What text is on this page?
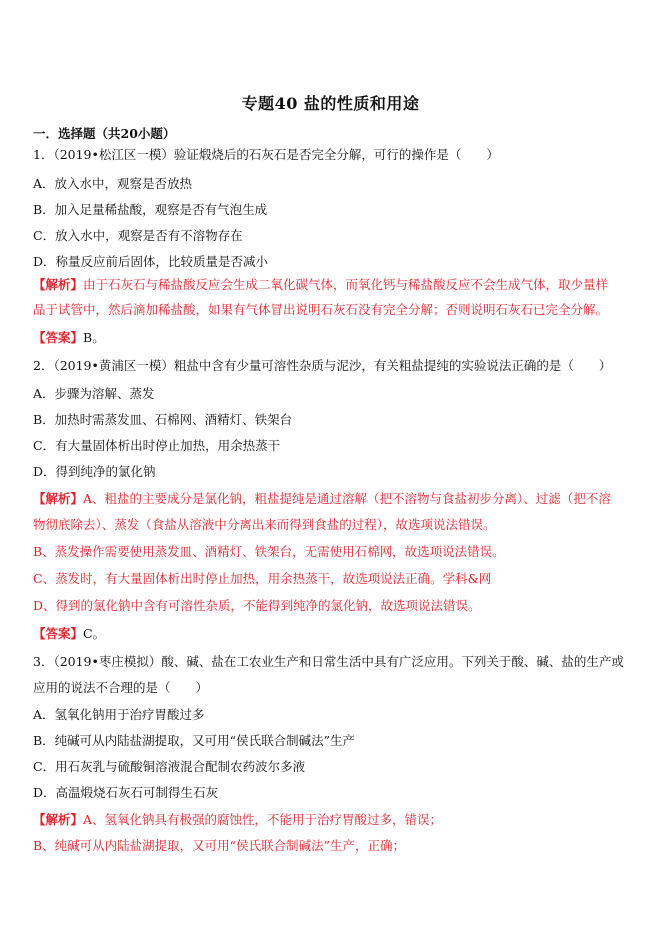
专题40 盐的性质和用途
一．选择题（共20小题）
1．（2019•松江区一模）验证煅烧后的石灰石是否完全分解，可行的操作是（　　）
A．放入水中，观察是否放热
B．加入足量稀盐酸，观察是否有气泡生成
C．放入水中，观察是否有不溶物存在
D．称量反应前后固体，比较质量是否减小
【解析】由于石灰石与稀盐酸反应会生成二氧化碳气体，而氧化钙与稀盐酸反应不会生成气体，取少量样
品于试管中，然后滴加稀盐酸，如果有气体冒出说明石灰石没有完全分解；否则说明石灰石已完全分解。
【答案】B。
2．（2019•黄浦区一模）粗盐中含有少量可溶性杂质与泥沙，有关粗盐提纯的实验说法正确的是（　　）
A．步骤为溶解、蒸发
B．加热时需蒸发皿、石棉网、酒精灯、铁架台
C．有大量固体析出时停止加热，用余热蒸干
D．得到纯净的氯化钠
【解析】A、粗盐的主要成分是氯化钠，粗盐提纯是通过溶解（把不溶物与食盐初步分离）、过滤（把不溶
物彻底除去）、蒸发（食盐从溶液中分离出来而得到食盐的过程），故选项说法错误。
B、蒸发操作需要使用蒸发皿、酒精灯、铁架台，无需使用石棉网，故选项说法错误。
C、蒸发时，有大量固体析出时停止加热，用余热蒸干，故选项说法正确。学科&网
D、得到的氯化钠中含有可溶性杂质，不能得到纯净的氯化钠，故选项说法错误。
【答案】C。
3．（2019•枣庄模拟）酸、碱、盐在工农业生产和日常生活中具有广泛应用。下列关于酸、碱、盐的生产或
应用的说法不合理的是（　　）
A．氢氧化钠用于治疗胃酸过多
B．纯碱可从内陆盐湖提取，又可用“侯氏联合制碱法”生产
C．用石灰乳与硫酸铜溶液混合配制农药波尔多液
D．高温煅烧石灰石可制得生石灰
【解析】A、氢氧化钠具有极强的腐蚀性，不能用于治疗胃酸过多，错误；
B、纯碱可从内陆盐湖提取，又可用“侯氏联合制碱法”生产，正确；
